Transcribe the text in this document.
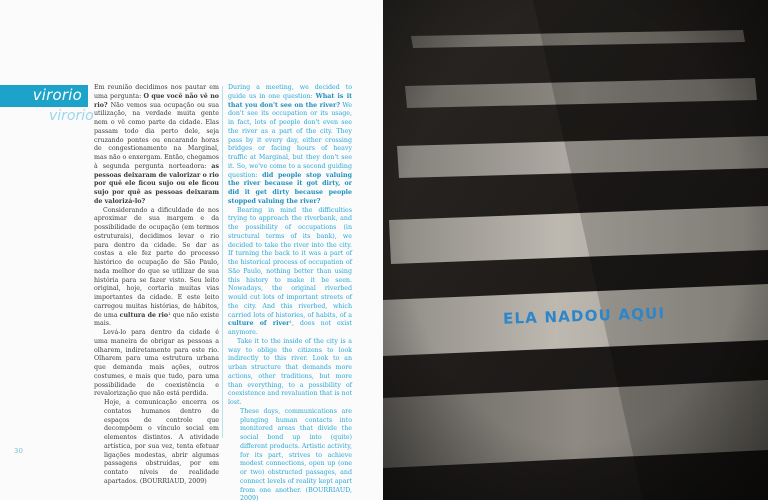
virorio
virorio

Em reunião decidimos nos pautar em uma pergunta: O que você não vê no rio? Não vemos sua ocupação ou sua utilização, na verdade muita gente nem o vê como parte da cidade. Elas passam todo dia perto dele, seja cruzando pontes ou encarando horas de congestionamento na Marginal, mas não o enxergam. Então, chegamos à segunda pergunta norteadora: as pessoas deixaram de valorizar o rio por quê ele ficou sujo ou ele ficou sujo por quê as pessoas deixaram de valorizá-lo?

Considerando a dificuldade de nos aproximar de sua margem e da possibilidade de ocupação (em termos estruturais), decidimos levar o rio para dentro da cidade. Se dar as costas a ele fez parte do processo histórico de ocupação de São Paulo, nada melhor do que se utilizar de sua história para se fazer visto. Seu leito original, hoje, cortaria muitas vias importantes da cidade. E este leito carregou muitas histórias, de hábitos, de uma cultura de rio¹ que não existe mais.

Levá-lo para dentro da cidade é uma maneira de obrigar as pessoas a olharem, indiretamente para este rio. Olharem para uma estrutura urbana que demanda mais ações, outros costumes, e mais que tudo, para uma possibilidade de coexistência e revalorização que não está perdida.

Hoje, a comunicação encerra os contatos humanos dentro de espaços de controle que decompõem o vínculo social em elementos distintos. A atividade artística, por sua vez, tenta efetuar ligações modestas, abrir algumas passagens obstruídas, por em contato níveis de realidade apartados. (BOURRIAUD, 2009)

During a meeting, we decided to guide us in one question: What is it that you don't see on the river? We don't see its occupation or its usage, in fact, lots of people don't even see the river as a part of the city. They pass by it every day, either crossing bridges or facing hours of heavy traffic at Marginal, but they don't see it. So, we've come to a second guiding question: did people stop valuing the river because it got dirty, or did it get dirty because people stopped valuing the river?

Bearing in mind the difficulties trying to approach the riverbank, and the possibility of occupations (in structural terms of its bank), we decided to take the river into the city. If turning the back to it was a part of the historical process of occupation of São Paulo, nothing better than using this history to make it be seen. Nowadays, the original riverbed would cut lots of important streets of the city. And this riverbed, which carried lots of histories, of habits, of a culture of river¹, does not exist anymore.

Take it to the inside of the city is a way to oblige the citizens to look indirectly to this river. Look to an urban structure that demands more actions, other traditions, but more than everything, to a possibility of coexistence and revaluation that is not lost.

These days, communications are plunging human contacts into monitored areas that divide the social bond up into (quite) different products. Artistic activity, for its part, strives to achieve modest connections, open up (one or two) obstructed passages, and connect levels of reality kept apart from one another. (BOURRIAUD, 2009)

30
